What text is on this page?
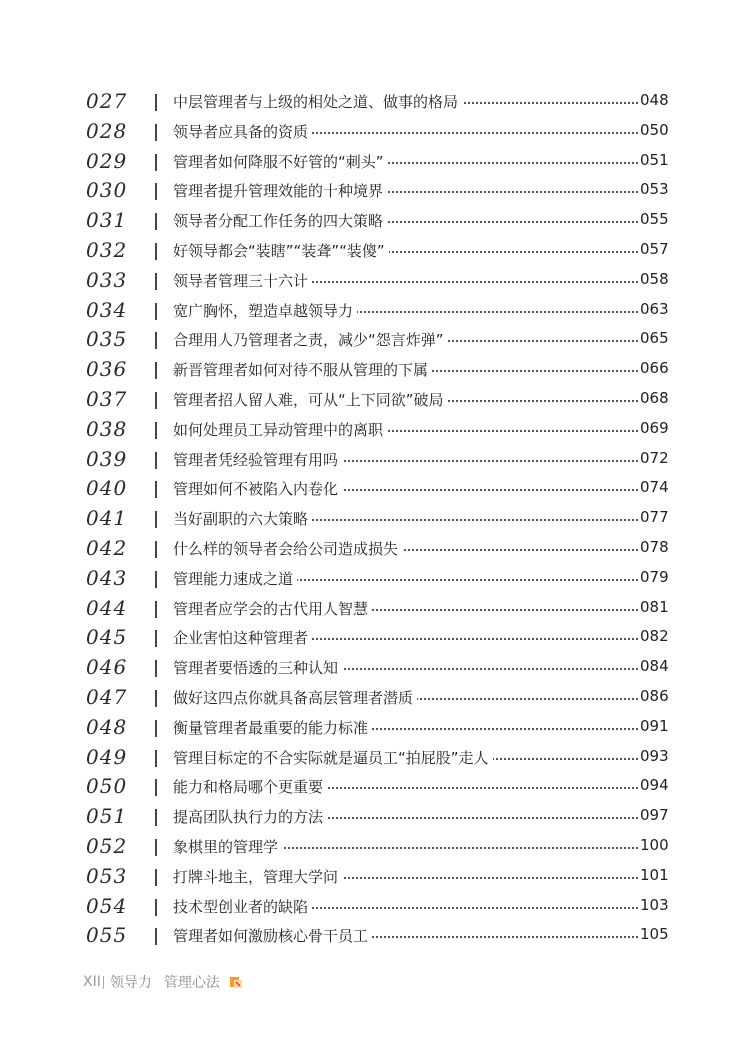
027	中层管理者与上级的相处之道、做事的格局	048
028	领导者应具备的资质	050
029	管理者如何降服不好管的“刺头”	051
030	管理者提升管理效能的十种境界	053
031	领导者分配工作任务的四大策略	055
032	好领导都会“装瞎”“装聋”“装傻”	057
033	领导者管理三十六计	058
034	宽广胸怀，塑造卓越领导力	063
035	合理用人乃管理者之责，减少“怨言炸弹”	065
036	新晋管理者如何对待不服从管理的下属	066
037	管理者招人留人难，可从“上下同欲”破局	068
038	如何处理员工异动管理中的离职	069
039	管理者凭经验管理有用吗	072
040	管理如何不被陷入内卷化	074
041	当好副职的六大策略	077
042	什么样的领导者会给公司造成损失	078
043	管理能力速成之道	079
044	管理者应学会的古代用人智慧	081
045	企业害怕这种管理者	082
046	管理者要悟透的三种认知	084
047	做好这四点你就具备高层管理者潜质	086
048	衡量管理者最重要的能力标准	091
049	管理目标定的不合实际就是逼员工“拍屁股”走人	093
050	能力和格局哪个更重要	094
051	提高团队执行力的方法	097
052	象棋里的管理学	100
053	打牌斗地主，管理大学问	101
054	技术型创业者的缺陷	103
055	管理者如何激励核心骨干员工	105
XII 领导力 管理心法
